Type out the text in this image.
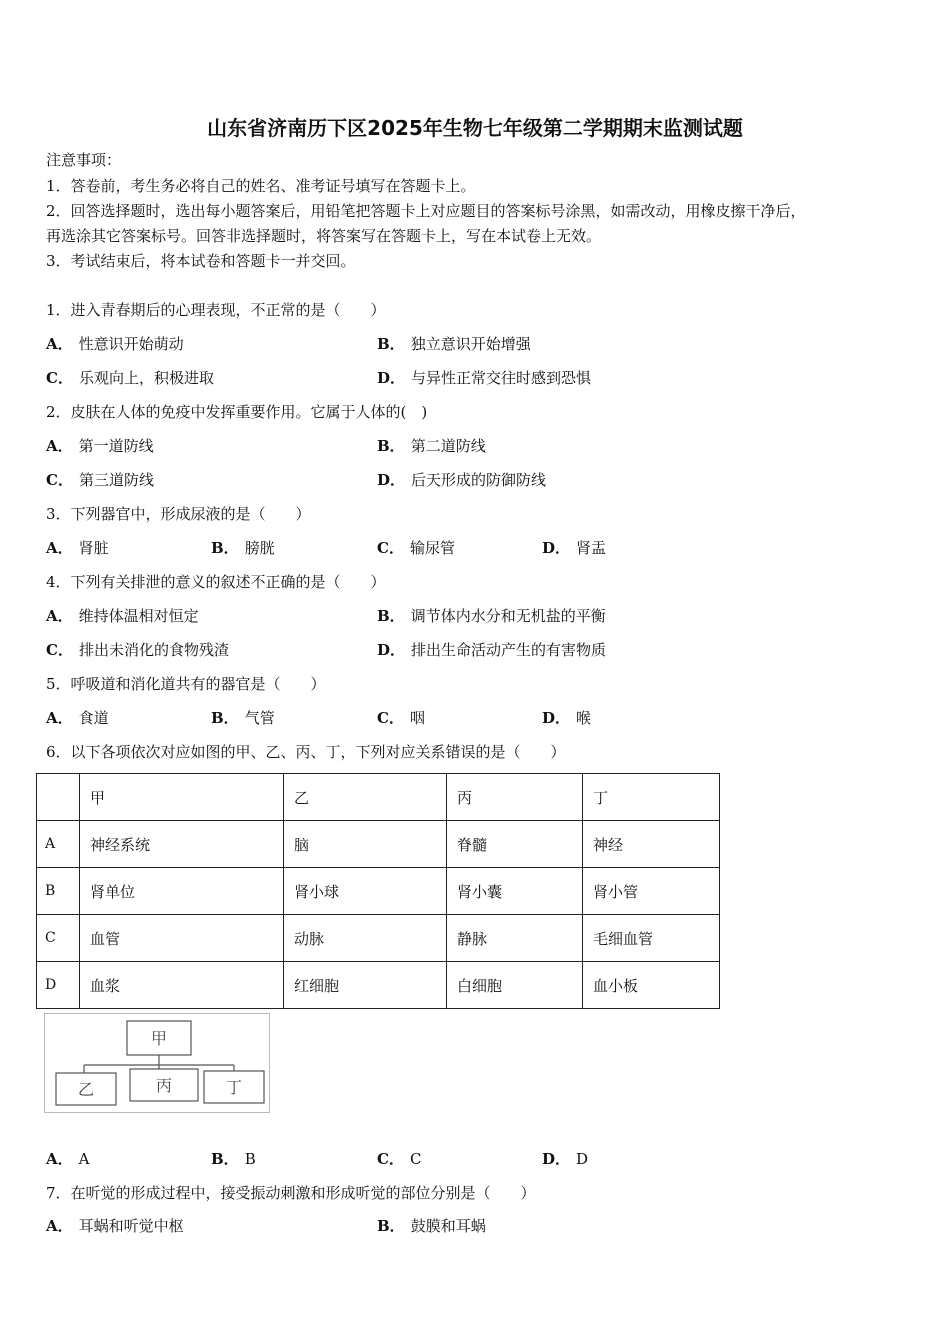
山东省济南历下区2025年生物七年级第二学期期末监测试题
注意事项：
1．答卷前，考生务必将自己的姓名、准考证号填写在答题卡上。
2．回答选择题时，选出每小题答案后，用铅笔把答题卡上对应题目的答案标号涂黑，如需改动，用橡皮擦干净后，
再选涂其它答案标号。回答非选择题时，将答案写在答题卡上，写在本试卷上无效。
3．考试结束后，将本试卷和答题卡一并交回。
1．进入青春期后的心理表现，不正常的是（　　）
A． 性意识开始萌动	B． 独立意识开始增强
C． 乐观向上，积极进取	D． 与异性正常交往时感到恐惧
2．皮肤在人体的免疫中发挥重要作用。它属于人体的(　)
A． 第一道防线	B． 第二道防线
C． 第三道防线	D． 后天形成的防御防线
3．下列器官中，形成尿液的是（　　）
A． 肾脏	B． 膀胱	C． 输尿管	D． 肾盂
4．下列有关排泄的意义的叙述不正确的是（　　）
A． 维持体温相对恒定	B． 调节体内水分和无机盐的平衡
C． 排出未消化的食物残渣	D． 排出生命活动产生的有害物质
5．呼吸道和消化道共有的器官是（　　）
A． 食道	B． 气管	C． 咽	D． 喉
6．以下各项依次对应如图的甲、乙、丙、丁，下列对应关系错误的是（　　）
	甲	乙	丙	丁
A	神经系统	脑	脊髓	神经
B	肾单位	肾小球	肾小囊	肾小管
C	血管	动脉	静脉	毛细血管
D	血浆	红细胞	白细胞	血小板
甲
乙	丙	丁
A． A	B． B	C． C	D． D
7．在听觉的形成过程中，接受振动刺激和形成听觉的部位分别是（　　）
A． 耳蜗和听觉中枢	B． 鼓膜和耳蜗
